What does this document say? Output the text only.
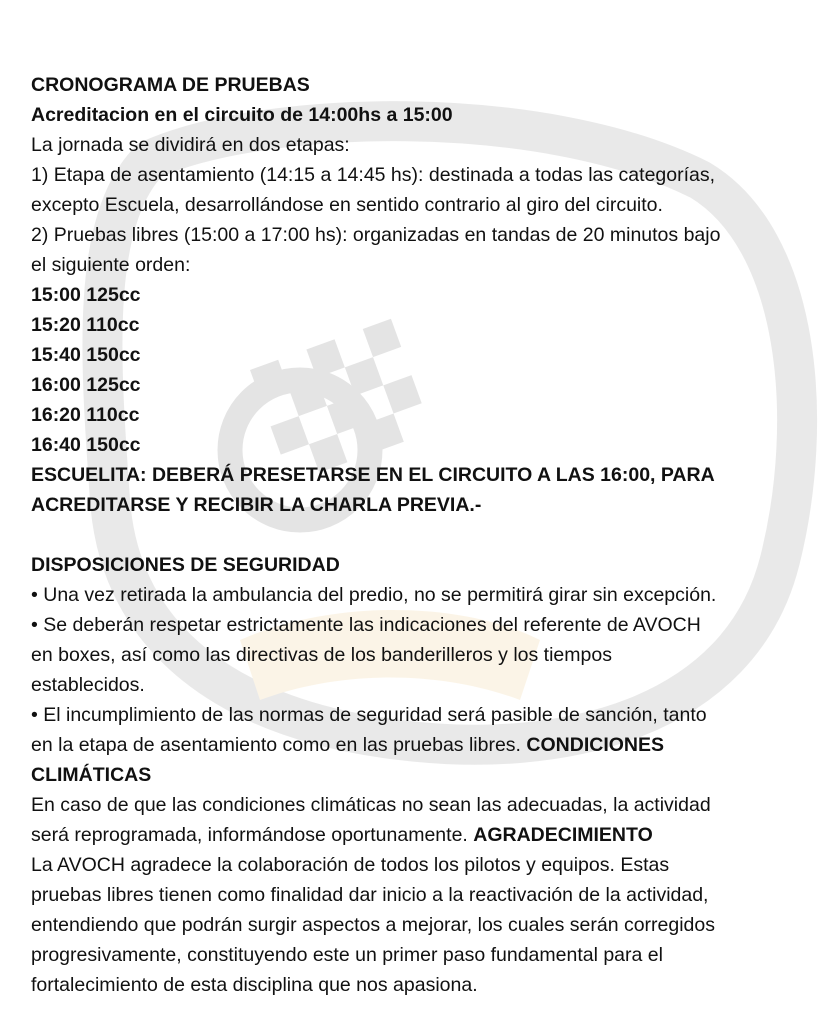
CRONOGRAMA DE PRUEBAS
Acreditacion en el circuito de 14:00hs a 15:00
La jornada se dividirá en dos etapas:
1) Etapa de asentamiento (14:15 a 14:45 hs): destinada a todas las categorías,
excepto Escuela, desarrollándose en sentido contrario al giro del circuito.
2) Pruebas libres (15:00 a 17:00 hs): organizadas en tandas de 20 minutos bajo
el siguiente orden:
15:00 125cc
15:20 110cc
15:40 150cc
16:00 125cc
16:20 110cc
16:40 150cc
ESCUELITA: DEBERÁ PRESETARSE EN EL CIRCUITO A LAS 16:00, PARA
ACREDITARSE Y RECIBIR LA CHARLA PREVIA.-
DISPOSICIONES DE SEGURIDAD
• Una vez retirada la ambulancia del predio, no se permitirá girar sin excepción.
• Se deberán respetar estrictamente las indicaciones del referente de AVOCH
en boxes, así como las directivas de los banderilleros y los tiempos
establecidos.
• El incumplimiento de las normas de seguridad será pasible de sanción, tanto
en la etapa de asentamiento como en las pruebas libres. CONDICIONES
CLIMÁTICAS
En caso de que las condiciones climáticas no sean las adecuadas, la actividad
será reprogramada, informándose oportunamente. AGRADECIMIENTO
La AVOCH agradece la colaboración de todos los pilotos y equipos. Estas
pruebas libres tienen como finalidad dar inicio a la reactivación de la actividad,
entendiendo que podrán surgir aspectos a mejorar, los cuales serán corregidos
progresivamente, constituyendo este un primer paso fundamental para el
fortalecimiento de esta disciplina que nos apasiona.
